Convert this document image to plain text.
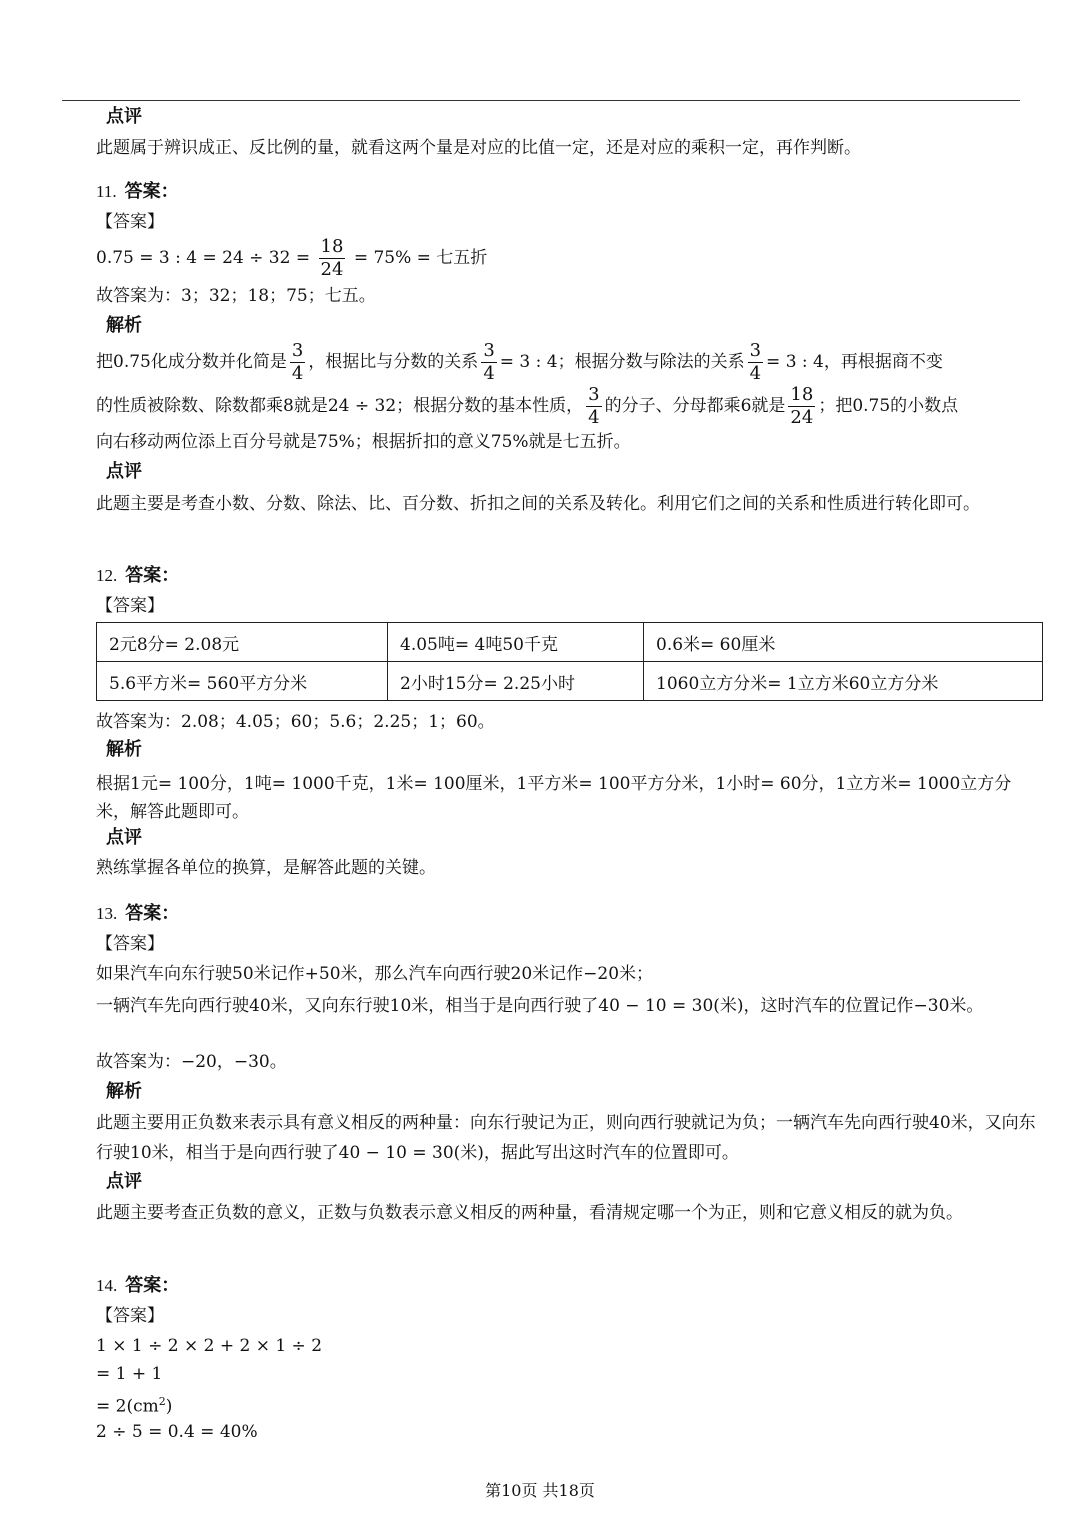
点评
此题属于辨识成正、反比例的量，就看这两个量是对应的比值一定，还是对应的乘积一定，再作判断。
11. 答案：
【答案】
0.75 = 3 : $4 = 24 \div 32 = \frac{18}{24} = 75\%$ = 七五折
故答案为：3；32；18；75；七五。
解析
把0.75化成分数并化简是 $\frac{3}{4}$ ，根据比与分数的关系 $\frac{3}{4} = 3$ : 4；根据分数与除法的关系 $\frac{3}{4} = 3$ : 4，再根据商不变
的性质被除数、除数都乘8就是24 ÷ 32；根据分数的基本性质， $\frac{3}{4}$ 的分子、分母都乘6就是 $\frac{18}{24}$ ；把0.75的小数点
向右移动两位添上百分号就是75%；根据折扣的意义75%就是七五折。
点评
此题主要是考查小数、分数、除法、比、百分数、折扣之间的关系及转化。利用它们之间的关系和性质进行转化即可。
12. 答案：
【答案】
2元8分= 2.08元	4.05吨= 4吨50千克	0.6米= 60厘米
5.6平方米= 560平方分米	2小时15分= 2.25小时	1060立方分米= 1立方米60立方分米
故答案为：2.08；4.05；60；5.6；2.25；1；60。
解析
根据1元= 100分，1吨= 1000千克，1米= 100厘米，1平方米= 100平方分米，1小时= 60分，1立方米= 1000立方分米，解答此题即可。
点评
熟练掌握各单位的换算，是解答此题的关键。
13. 答案：
【答案】
如果汽车向东行驶50米记作+50米，那么汽车向西行驶20米记作−20米；
一辆汽车先向西行驶40米，又向东行驶10米，相当于是向西行驶了40 − 10 = 30(米)，这时汽车的位置记作−30米。
故答案为：−20，−30。
解析
此题主要用正负数来表示具有意义相反的两种量：向东行驶记为正，则向西行驶就记为负；一辆汽车先向西行驶40米，又向东行驶10米，相当于是向西行驶了40 − 10 = 30(米)，据此写出这时汽车的位置即可。
点评
此题主要考查正负数的意义，正数与负数表示意义相反的两种量，看清规定哪一个为正，则和它意义相反的就为负。
14. 答案：
【答案】
1 × 1 ÷ 2 × 2 + 2 × 1 ÷ 2
= 1 + 1
= $2(cm^2)$
2 ÷ 5 = 0.4 = 40%
第10页 共18页
